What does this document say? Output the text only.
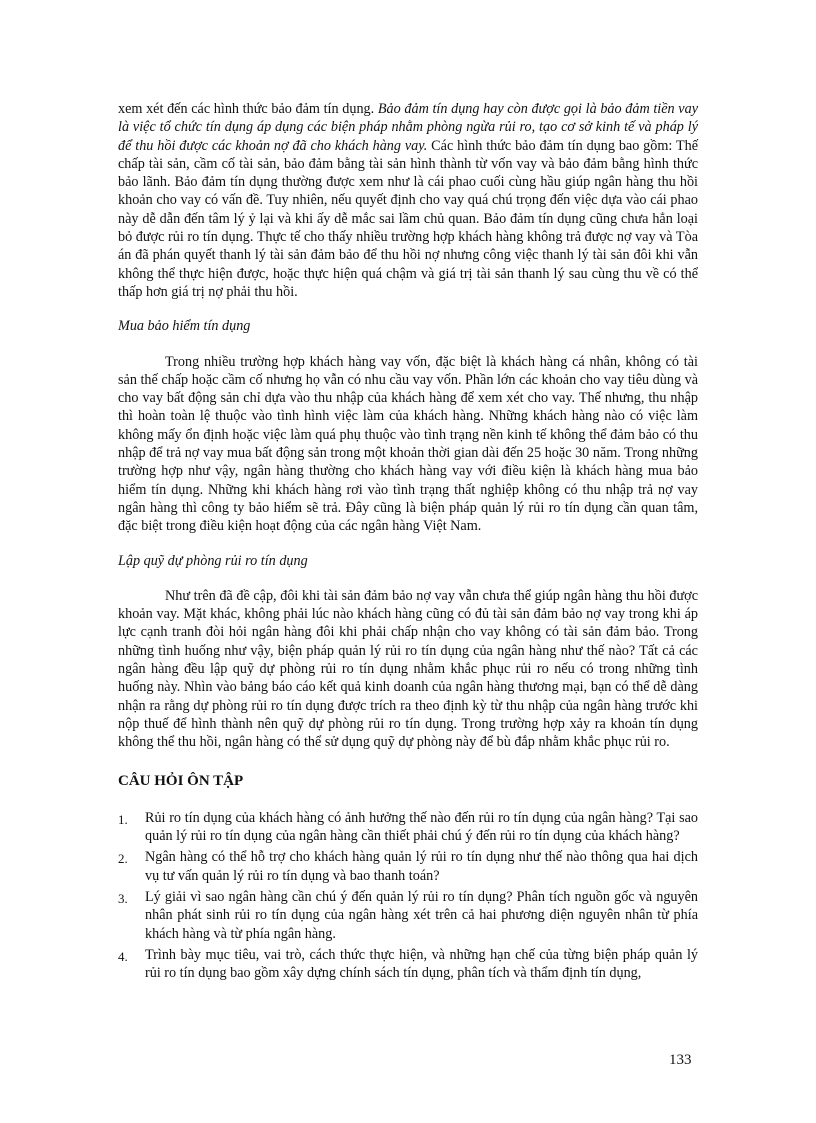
xem xét đến các hình thức bảo đảm tín dụng. Bảo đảm tín dụng hay còn được gọi là bảo đảm tiền vay là việc tổ chức tín dụng áp dụng các biện pháp nhằm phòng ngừa rủi ro, tạo cơ sở kinh tế và pháp lý để thu hồi được các khoản nợ đã cho khách hàng vay. Các hình thức bảo đảm tín dụng bao gồm: Thế chấp tài sản, cầm cố tài sản, bảo đảm bằng tài sản hình thành từ vốn vay và bảo đảm bằng hình thức bảo lãnh. Bảo đảm tín dụng thường được xem như là cái phao cuối cùng hầu giúp ngân hàng thu hồi khoản cho vay có vấn đề. Tuy nhiên, nếu quyết định cho vay quá chú trọng đến việc dựa vào cái phao này dễ dẫn đến tâm lý ỷ lại và khi ấy dễ mắc sai lầm chủ quan. Bảo đảm tín dụng cũng chưa hẳn loại bỏ được rủi ro tín dụng. Thực tế cho thấy nhiều trường hợp khách hàng không trả được nợ vay và Tòa án đã phán quyết thanh lý tài sản đảm bảo để thu hồi nợ nhưng công việc thanh lý tài sản đôi khi vẫn không thể thực hiện được, hoặc thực hiện quá chậm và giá trị tài sản thanh lý sau cùng thu về có thể thấp hơn giá trị nợ phải thu hồi.

Mua bảo hiểm tín dụng

Trong nhiều trường hợp khách hàng vay vốn, đặc biệt là khách hàng cá nhân, không có tài sản thế chấp hoặc cầm cố nhưng họ vẫn có nhu cầu vay vốn. Phần lớn các khoản cho vay tiêu dùng và cho vay bất động sản chỉ dựa vào thu nhập của khách hàng để xem xét cho vay. Thế nhưng, thu nhập thì hoàn toàn lệ thuộc vào tình hình việc làm của khách hàng. Những khách hàng nào có việc làm không mấy ổn định hoặc việc làm quá phụ thuộc vào tình trạng nền kinh tế không thể đảm bảo có thu nhập để trả nợ vay mua bất động sản trong một khoản thời gian dài đến 25 hoặc 30 năm. Trong những trường hợp như vậy, ngân hàng thường cho khách hàng vay với điều kiện là khách hàng mua bảo hiểm tín dụng. Những khi khách hàng rơi vào tình trạng thất nghiệp không có thu nhập trả nợ vay ngân hàng thì công ty bảo hiểm sẽ trả. Đây cũng là biện pháp quản lý rủi ro tín dụng cần quan tâm, đặc biệt trong điều kiện hoạt động của các ngân hàng Việt Nam.

Lập quỹ dự phòng rủi ro tín dụng

Như trên đã đề cập, đôi khi tài sản đảm bảo nợ vay vẫn chưa thể giúp ngân hàng thu hồi được khoản vay. Mặt khác, không phải lúc nào khách hàng cũng có đủ tài sản đảm bảo nợ vay trong khi áp lực cạnh tranh đòi hỏi ngân hàng đôi khi phải chấp nhận cho vay không có tài sản đảm bảo. Trong những tình huống như vậy, biện pháp quản lý rủi ro tín dụng của ngân hàng như thế nào? Tất cả các ngân hàng đều lập quỹ dự phòng rủi ro tín dụng nhằm khắc phục rủi ro nếu có trong những tình huống này. Nhìn vào bảng báo cáo kết quả kinh doanh của ngân hàng thương mại, bạn có thể dễ dàng nhận ra rằng dự phòng rủi ro tín dụng được trích ra theo định kỳ từ thu nhập của ngân hàng trước khi nộp thuế để hình thành nên quỹ dự phòng rủi ro tín dụng. Trong trường hợp xảy ra khoản tín dụng không thể thu hồi, ngân hàng có thể sử dụng quỹ dự phòng này để bù đắp nhằm khắc phục rủi ro.

CÂU HỎI ÔN TẬP

1. Rủi ro tín dụng của khách hàng có ảnh hưởng thế nào đến rủi ro tín dụng của ngân hàng? Tại sao quản lý rủi ro tín dụng của ngân hàng cần thiết phải chú ý đến rủi ro tín dụng của khách hàng?

2. Ngân hàng có thể hỗ trợ cho khách hàng quản lý rủi ro tín dụng như thế nào thông qua hai dịch vụ tư vấn quản lý rủi ro tín dụng và bao thanh toán?

3. Lý giải vì sao ngân hàng cần chú ý đến quản lý rủi ro tín dụng? Phân tích nguồn gốc và nguyên nhân phát sinh rủi ro tín dụng của ngân hàng xét trên cả hai phương diện nguyên nhân từ phía khách hàng và từ phía ngân hàng.

4. Trình bày mục tiêu, vai trò, cách thức thực hiện, và những hạn chế của từng biện pháp quản lý rủi ro tín dụng bao gồm xây dựng chính sách tín dụng, phân tích và thẩm định tín dụng,

133
